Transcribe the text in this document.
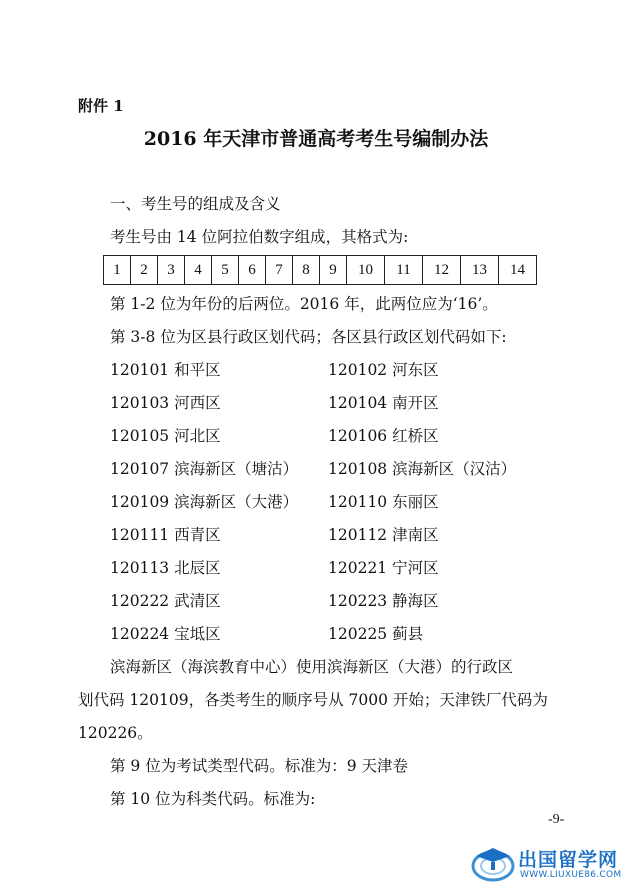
附件 1
2016 年天津市普通高考考生号编制办法
一、考生号的组成及含义
考生号由 14 位阿拉伯数字组成，其格式为:
1	2	3	4	5	6	7	8	9	10	11	12	13	14
第 1-2 位为年份的后两位。2016 年，此两位应为‘16’。
第 3-8 位为区县行政区划代码；各区县行政区划代码如下:
120101 和平区	120102 河东区
120103 河西区	120104 南开区
120105 河北区	120106 红桥区
120107 滨海新区（塘沽） 120108 滨海新区（汉沽）
120109 滨海新区（大港） 120110 东丽区
120111 西青区	120112 津南区
120113 北辰区	120221 宁河区
120222 武清区	120223 静海区
120224 宝坻区	120225 蓟县
滨海新区（海滨教育中心）使用滨海新区（大港）的行政区
划代码 120109，各类考生的顺序号从 7000 开始；天津铁厂代码为
120226。
第 9 位为考试类型代码。标准为：9 天津卷
第 10 位为科类代码。标准为:
-9-
出国留学网
WWW.LIUXUE86.COM
